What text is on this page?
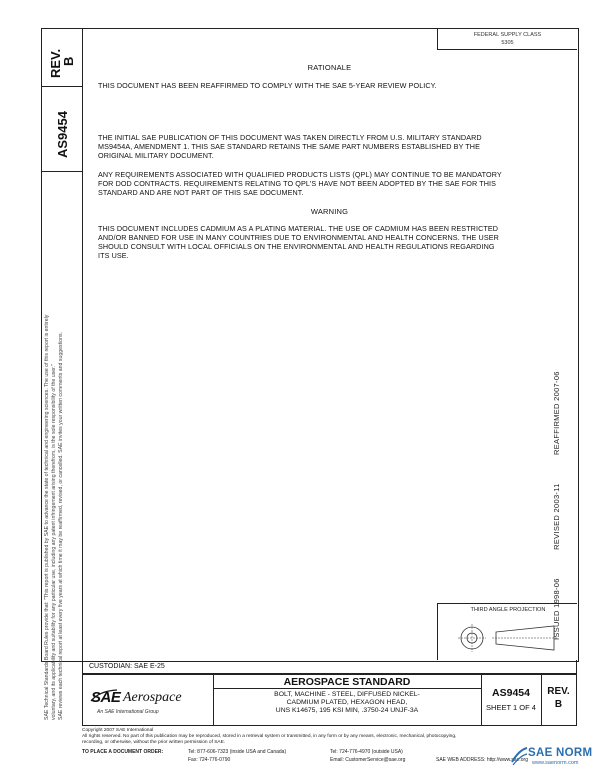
REV.
B
AS9454
SAE Technical Standards Board Rules provide that: "This report is published by SAE to advance the state of technical and engineering sciences. The use of this report is entirely voluntary, and its applicability and suitability for any particular use, including any patent infringement arising therefrom, is the sole responsibility of the user." SAE reviews each technical report at least every five years at which time it may be reaffirmed, revised, or cancelled. SAE invites your written comments and suggestions.
FEDERAL SUPPLY CLASS
5305
RATIONALE
THIS DOCUMENT HAS BEEN REAFFIRMED TO COMPLY WITH THE SAE 5-YEAR REVIEW POLICY.
THE INITIAL SAE PUBLICATION OF THIS DOCUMENT WAS TAKEN DIRECTLY FROM U.S. MILITARY STANDARD
MS9454A, AMENDMENT 1. THIS SAE STANDARD RETAINS THE SAME PART NUMBERS ESTABLISHED BY THE
ORIGINAL MILITARY DOCUMENT.
ANY REQUIREMENTS ASSOCIATED WITH QUALIFIED PRODUCTS LISTS (QPL) MAY CONTINUE TO BE MANDATORY
FOR DOD CONTRACTS. REQUIREMENTS RELATING TO QPL'S HAVE NOT BEEN ADOPTED BY THE SAE FOR THIS
STANDARD AND ARE NOT PART OF THIS SAE DOCUMENT.
WARNING
THIS DOCUMENT INCLUDES CADMIUM AS A PLATING MATERIAL. THE USE OF CADMIUM HAS BEEN RESTRICTED
AND/OR BANNED FOR USE IN MANY COUNTRIES DUE TO ENVIRONMENTAL AND HEALTH CONCERNS. THE USER
SHOULD CONSULT WITH LOCAL OFFICIALS ON THE ENVIRONMENTAL AND HEALTH REGULATIONS REGARDING
ITS USE.
ISSUED 1998-06 REVISED 2003-11 REAFFIRMED 2007-06
THIRD ANGLE PROJECTION
CUSTODIAN: SAE E-25
SAE Aerospace
An SAE International Group
AEROSPACE STANDARD
BOLT, MACHINE - STEEL, DIFFUSED NICKEL-
CADMIUM PLATED, HEXAGON HEAD,
UNS K14675, 195 KSI MIN, .3750-24 UNJF-3A
AS9454
SHEET 1 OF 4
REV.
B
Copyright 2007 SAE International
All rights reserved. No part of this publication may be reproduced, stored in a retrieval system or transmitted, in any form or by any means, electronic, mechanical, photocopying,
recording, or otherwise, without the prior written permission of SAE.
TO PLACE A DOCUMENT ORDER:	Tel: 877-606-7323 (inside USA and Canada)
Fax: 724-776-0790
Tel: 724-776-4970 (outside USA)
Email: CustomerService@sae.org	SAE WEB ADDRESS: http://www.sae.org
SAE NORM
www.saenorm.com
